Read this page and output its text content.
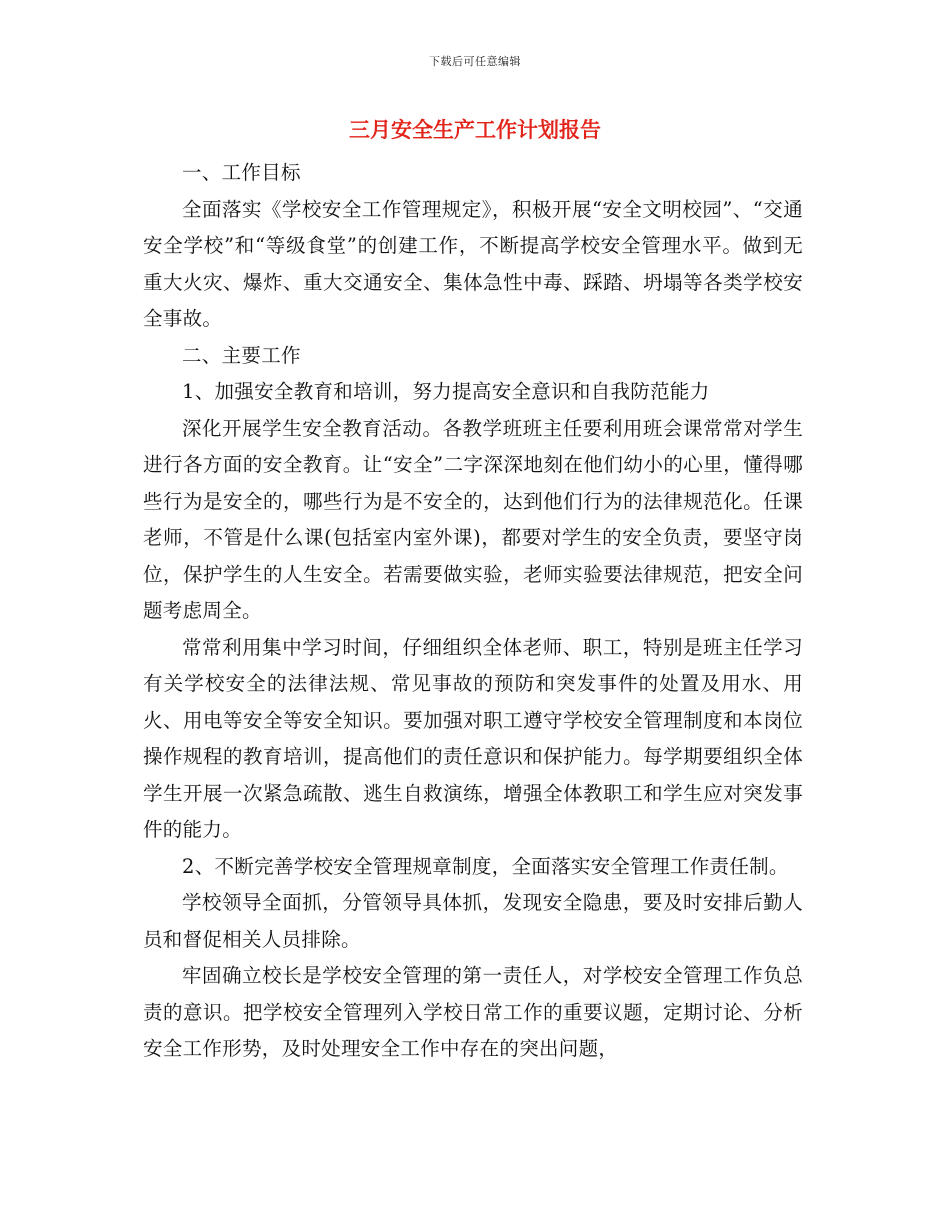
下载后可任意编辑
三月安全生产工作计划报告

一、工作目标

全面落实《学校安全工作管理规定》，积极开展“安全文明校园”、“交通安全学校”和“等级食堂”的创建工作，不断提高学校安全管理水平。做到无重大火灾、爆炸、重大交通安全、集体急性中毒、踩踏、坍塌等各类学校安全事故。

二、主要工作

1、加强安全教育和培训，努力提高安全意识和自我防范能力

深化开展学生安全教育活动。各教学班班主任要利用班会课常常对学生进行各方面的安全教育。让“安全”二字深深地刻在他们幼小的心里，懂得哪些行为是安全的，哪些行为是不安全的，达到他们行为的法律规范化。任课老师，不管是什么课(包括室内室外课)，都要对学生的安全负责，要坚守岗位，保护学生的人生安全。若需要做实验，老师实验要法律规范，把安全问题考虑周全。

常常利用集中学习时间，仔细组织全体老师、职工，特别是班主任学习有关学校安全的法律法规、常见事故的预防和突发事件的处置及用水、用火、用电等安全等安全知识。要加强对职工遵守学校安全管理制度和本岗位操作规程的教育培训，提高他们的责任意识和保护能力。每学期要组织全体学生开展一次紧急疏散、逃生自救演练，增强全体教职工和学生应对突发事件的能力。

2、不断完善学校安全管理规章制度，全面落实安全管理工作责任制。

学校领导全面抓，分管领导具体抓，发现安全隐患，要及时安排后勤人员和督促相关人员排除。

牢固确立校长是学校安全管理的第一责任人，对学校安全管理工作负总责的意识。把学校安全管理列入学校日常工作的重要议题，定期讨论、分析安全工作形势，及时处理安全工作中存在的突出问题，
